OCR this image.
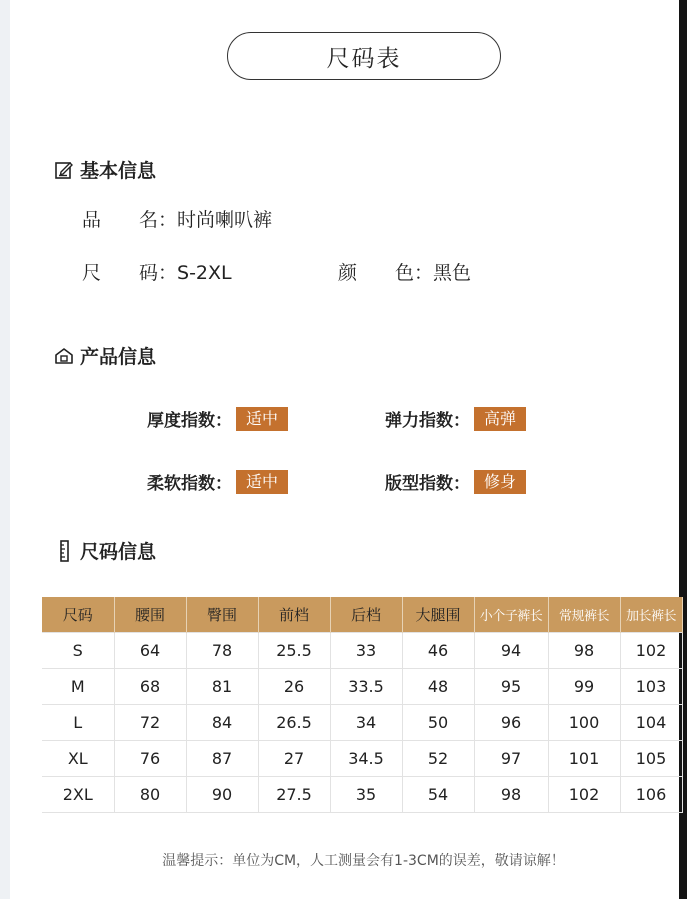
尺码表
基本信息
品　　名：时尚喇叭裤
尺　　码：S-2XL	颜　　色：黑色
产品信息
厚度指数： 适中	弹力指数： 高弹
柔软指数： 适中	版型指数： 修身
尺码信息
尺码	腰围	臀围	前档	后档	大腿围	小个子裤长	常规裤长	加长裤长
S	64	78	25.5	33	46	94	98	102
M	68	81	26	33.5	48	95	99	103
L	72	84	26.5	34	50	96	100	104
XL	76	87	27	34.5	52	97	101	105
2XL	80	90	27.5	35	54	98	102	106
温馨提示：单位为CM，人工测量会有1-3CM的误差，敬请谅解！
